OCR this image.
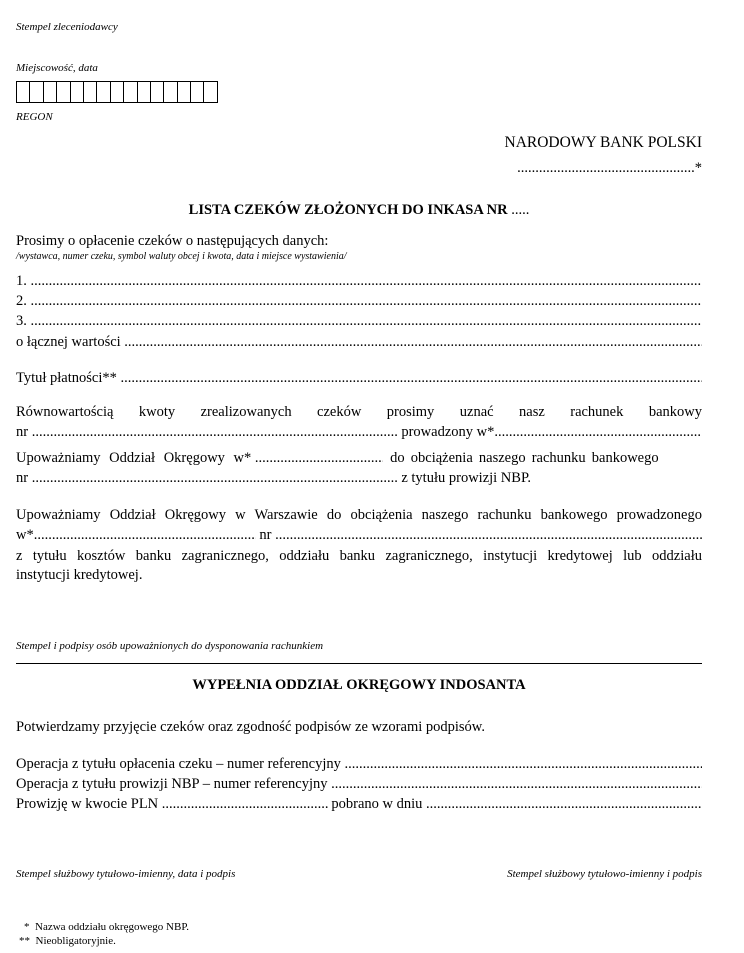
Stempel zleceniodawcy
Miejscowość, data
REGON
NARODOWY BANK POLSKI
.................................................*
LISTA CZEKÓW ZŁOŻONYCH DO INKASA NR .....
Prosimy o opłacenie czeków o następujących danych:
/wystawca, numer czeku, symbol waluty obcej i kwota, data i miejsce wystawienia/
1.

.....
2.

.....
3.

.....
o łącznej wartości

.....
Tytuł płatności**

.....
Równowartością kwoty zrealizowanych czeków prosimy uznać nasz rachunek bankowy
nr
.....
	prowadzony w*
.....
Upoważniamy Oddział Okręgowy w*
.....
	do obciążenia naszego rachunku bankowego
nr
.....
	z tytułu prowizji NBP.
Upoważniamy Oddział Okręgowy w Warszawie do obciążenia naszego rachunku bankowego prowadzonego
w* .....
	nr

.....
z tytułu kosztów banku zagranicznego, oddziału banku zagranicznego, instytucji kredytowej lub oddziału
instytucji kredytowej.
Stempel i podpisy osób upoważnionych do dysponowania rachunkiem
WYPEŁNIA ODDZIAŁ OKRĘGOWY INDOSANTA
Potwierdzamy przyjęcie czeków oraz zgodność podpisów ze wzorami podpisów.
Operacja z tytułu opłacenia czeku – numer referencyjny

.....
Operacja z tytułu prowizji NBP – numer referencyjny

.....
Prowizję w kwocie PLN
.....
	pobrano w dniu

.....
Stempel służbowy tytułowo-imienny, data i podpis	Stempel służbowy tytułowo-imienny i podpis
* Nazwa oddziału okręgowego NBP.
** Nieobligatoryjnie.
